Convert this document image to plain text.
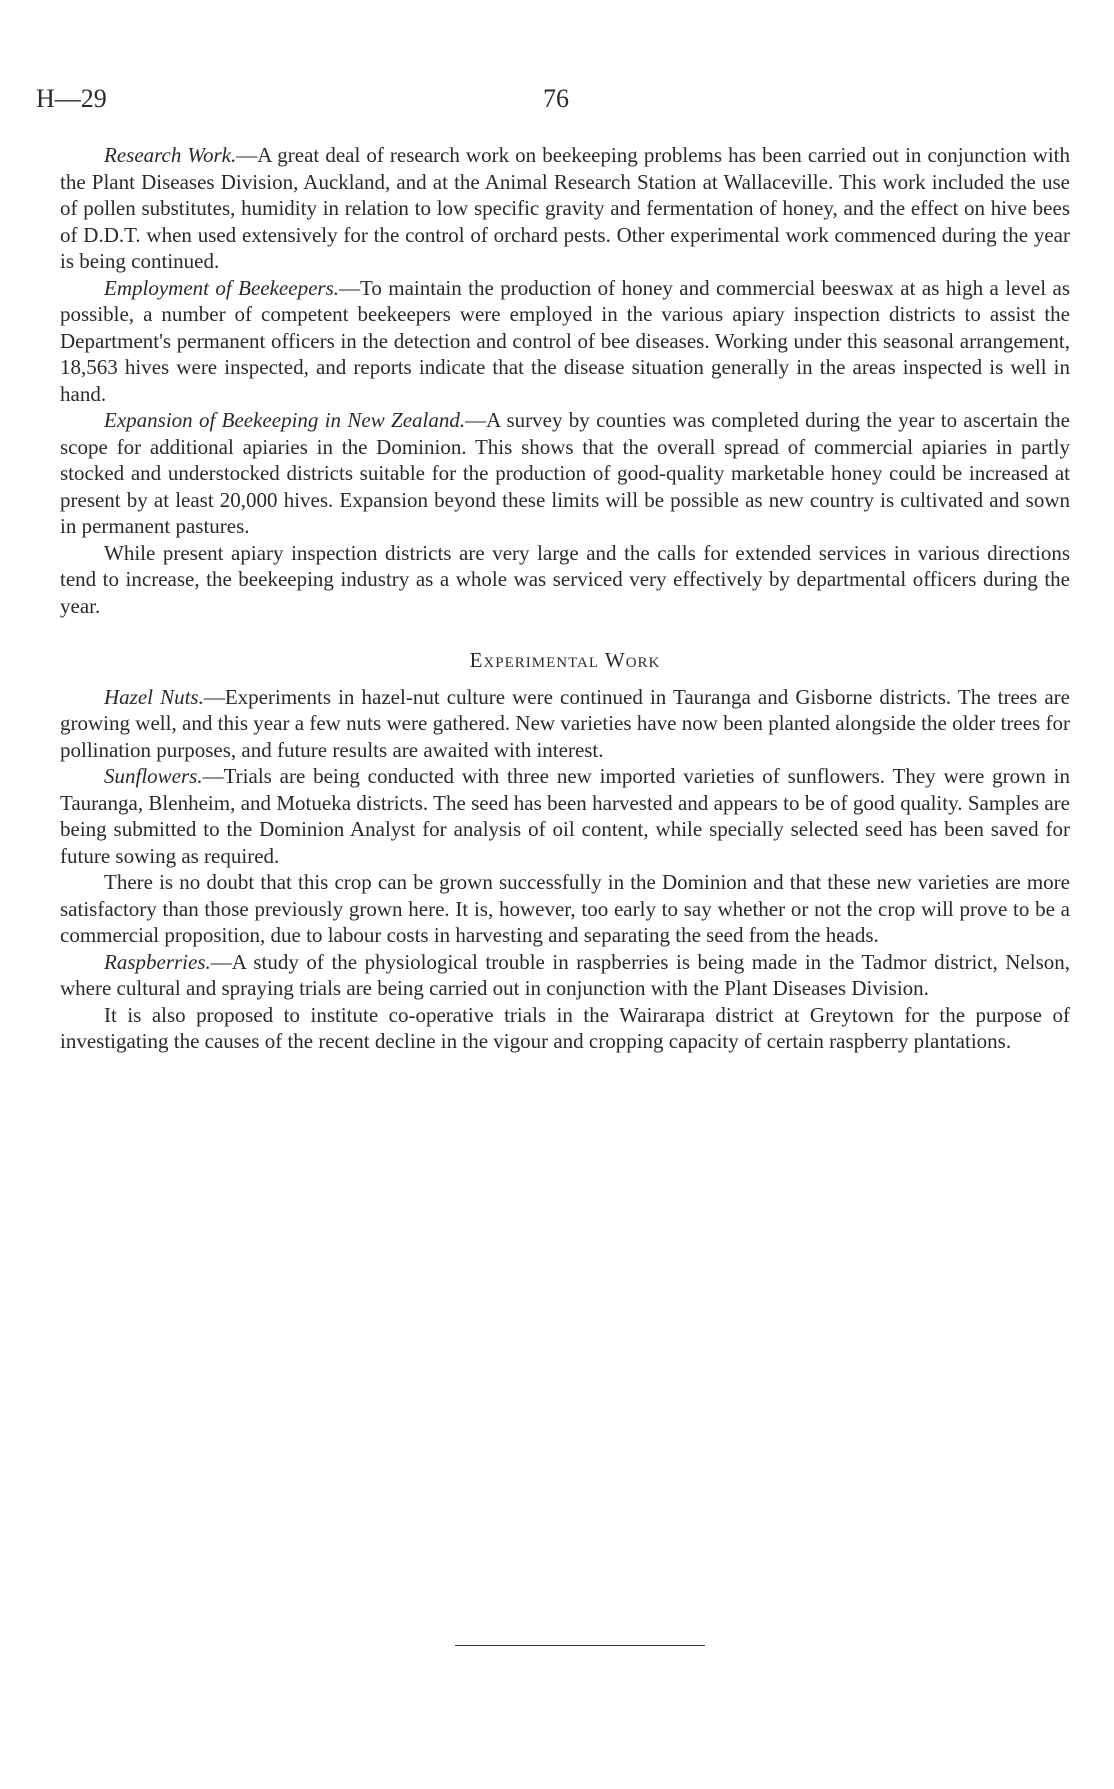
H—29	76

Research Work.—A great deal of research work on beekeeping problems has been carried out in conjunction with the Plant Diseases Division, Auckland, and at the Animal Research Station at Wallaceville. This work included the use of pollen substitutes, humidity in relation to low specific gravity and fermentation of honey, and the effect on hive bees of D.D.T. when used extensively for the control of orchard pests. Other experimental work commenced during the year is being continued.

Employment of Beekeepers.—To maintain the production of honey and commercial beeswax at as high a level as possible, a number of competent beekeepers were employed in the various apiary inspection districts to assist the Department's permanent officers in the detection and control of bee diseases. Working under this seasonal arrangement, 18,563 hives were inspected, and reports indicate that the disease situation generally in the areas inspected is well in hand.

Expansion of Beekeeping in New Zealand.—A survey by counties was completed during the year to ascertain the scope for additional apiaries in the Dominion. This shows that the overall spread of commercial apiaries in partly stocked and understocked districts suitable for the production of good-quality marketable honey could be increased at present by at least 20,000 hives. Expansion beyond these limits will be possible as new country is cultivated and sown in permanent pastures.

While present apiary inspection districts are very large and the calls for extended services in various directions tend to increase, the beekeeping industry as a whole was serviced very effectively by departmental officers during the year.

Experimental Work

Hazel Nuts.—Experiments in hazel-nut culture were continued in Tauranga and Gisborne districts. The trees are growing well, and this year a few nuts were gathered. New varieties have now been planted alongside the older trees for pollination purposes, and future results are awaited with interest.

Sunflowers.—Trials are being conducted with three new imported varieties of sunflowers. They were grown in Tauranga, Blenheim, and Motueka districts. The seed has been harvested and appears to be of good quality. Samples are being submitted to the Dominion Analyst for analysis of oil content, while specially selected seed has been saved for future sowing as required.

There is no doubt that this crop can be grown successfully in the Dominion and that these new varieties are more satisfactory than those previously grown here. It is, however, too early to say whether or not the crop will prove to be a commercial proposition, due to labour costs in harvesting and separating the seed from the heads.

Raspberries.—A study of the physiological trouble in raspberries is being made in the Tadmor district, Nelson, where cultural and spraying trials are being carried out in conjunction with the Plant Diseases Division.

It is also proposed to institute co-operative trials in the Wairarapa district at Greytown for the purpose of investigating the causes of the recent decline in the vigour and cropping capacity of certain raspberry plantations.
